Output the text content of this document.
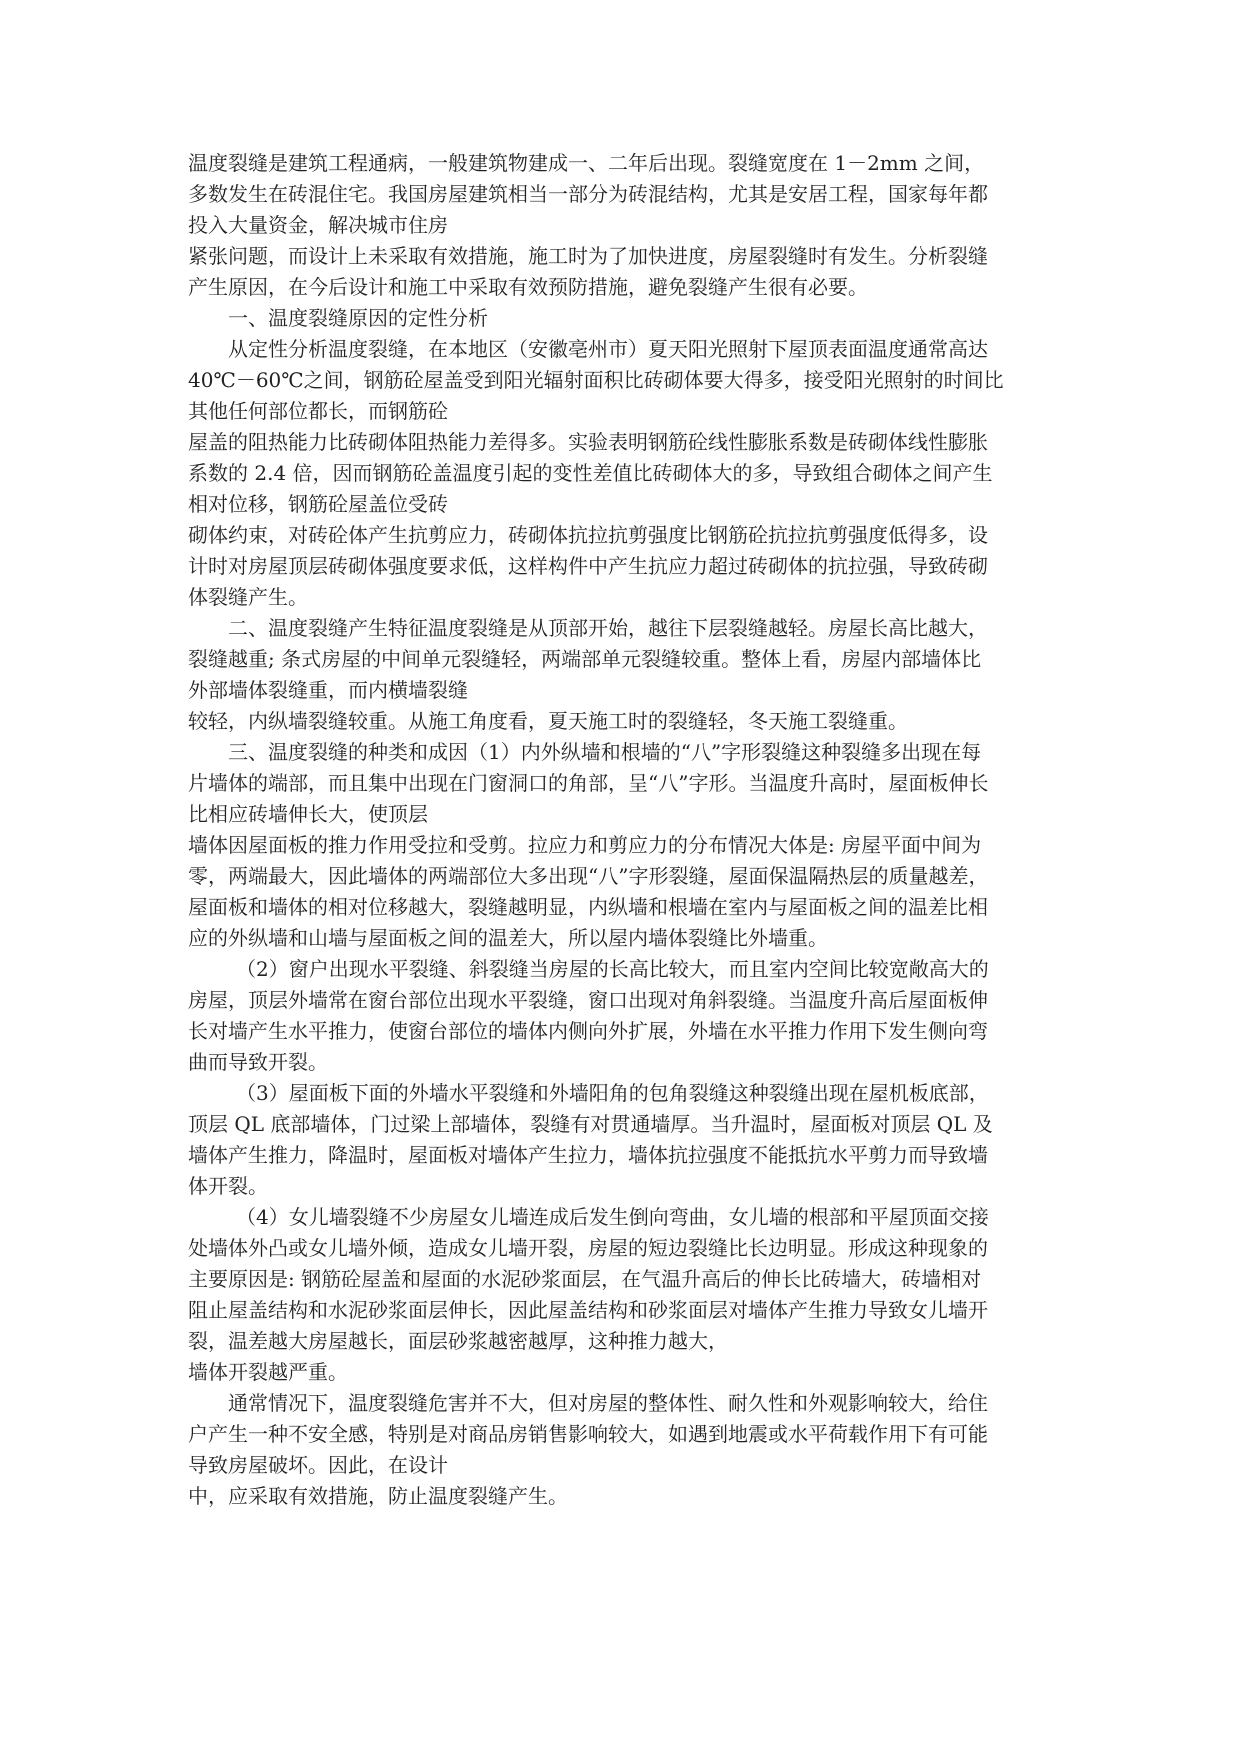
温度裂缝是建筑工程通病，一般建筑物建成一、二年后出现。裂缝宽度在 1－2mm 之间，
多数发生在砖混住宅。我国房屋建筑相当一部分为砖混结构，尤其是安居工程，国家每年都
投入大量资金，解决城市住房
紧张问题，而设计上未采取有效措施，施工时为了加快进度，房屋裂缝时有发生。分析裂缝
产生原因，在今后设计和施工中采取有效预防措施，避免裂缝产生很有必要。
一、温度裂缝原因的定性分析
从定性分析温度裂缝，在本地区（安徽亳州市）夏天阳光照射下屋顶表面温度通常高达
40℃－60℃之间，钢筋砼屋盖受到阳光辐射面积比砖砌体要大得多，接受阳光照射的时间比
其他任何部位都长，而钢筋砼
屋盖的阻热能力比砖砌体阻热能力差得多。实验表明钢筋砼线性膨胀系数是砖砌体线性膨胀
系数的 2.4 倍，因而钢筋砼盖温度引起的变性差值比砖砌体大的多，导致组合砌体之间产生
相对位移，钢筋砼屋盖位受砖
砌体约束，对砖砼体产生抗剪应力，砖砌体抗拉抗剪强度比钢筋砼抗拉抗剪强度低得多，设
计时对房屋顶层砖砌体强度要求低，这样构件中产生抗应力超过砖砌体的抗拉强，导致砖砌
体裂缝产生。
二、温度裂缝产生特征温度裂缝是从顶部开始，越往下层裂缝越轻。房屋长高比越大，
裂缝越重; 条式房屋的中间单元裂缝轻，两端部单元裂缝较重。整体上看，房屋内部墙体比
外部墙体裂缝重，而内横墙裂缝
较轻，内纵墙裂缝较重。从施工角度看，夏天施工时的裂缝轻，冬天施工裂缝重。
三、温度裂缝的种类和成因（1）内外纵墙和根墙的“八”字形裂缝这种裂缝多出现在每
片墙体的端部，而且集中出现在门窗洞口的角部，呈“八”字形。当温度升高时，屋面板伸长
比相应砖墙伸长大，使顶层
墙体因屋面板的推力作用受拉和受剪。拉应力和剪应力的分布情况大体是: 房屋平面中间为
零，两端最大，因此墙体的两端部位大多出现“八”字形裂缝，屋面保温隔热层的质量越差，
屋面板和墙体的相对位移越大，裂缝越明显，内纵墙和根墙在室内与屋面板之间的温差比相
应的外纵墙和山墙与屋面板之间的温差大，所以屋内墙体裂缝比外墙重。
（2）窗户出现水平裂缝、斜裂缝当房屋的长高比较大，而且室内空间比较宽敞高大的
房屋，顶层外墙常在窗台部位出现水平裂缝，窗口出现对角斜裂缝。当温度升高后屋面板伸
长对墙产生水平推力，使窗台部位的墙体内侧向外扩展，外墙在水平推力作用下发生侧向弯
曲而导致开裂。
（3）屋面板下面的外墙水平裂缝和外墙阳角的包角裂缝这种裂缝出现在屋机板底部，
顶层 QL 底部墙体，门过梁上部墙体，裂缝有对贯通墙厚。当升温时，屋面板对顶层 QL 及
墙体产生推力，降温时，屋面板对墙体产生拉力，墙体抗拉强度不能抵抗水平剪力而导致墙
体开裂。
（4）女儿墙裂缝不少房屋女儿墙连成后发生倒向弯曲，女儿墙的根部和平屋顶面交接
处墙体外凸或女儿墙外倾，造成女儿墙开裂，房屋的短边裂缝比长边明显。形成这种现象的
主要原因是: 钢筋砼屋盖和屋面的水泥砂浆面层，在气温升高后的伸长比砖墙大，砖墙相对
阻止屋盖结构和水泥砂浆面层伸长，因此屋盖结构和砂浆面层对墙体产生推力导致女儿墙开
裂，温差越大房屋越长，面层砂浆越密越厚，这种推力越大，
墙体开裂越严重。
通常情况下，温度裂缝危害并不大，但对房屋的整体性、耐久性和外观影响较大，给住
户产生一种不安全感，特别是对商品房销售影响较大，如遇到地震或水平荷载作用下有可能
导致房屋破坏。因此，在设计
中，应采取有效措施，防止温度裂缝产生。
